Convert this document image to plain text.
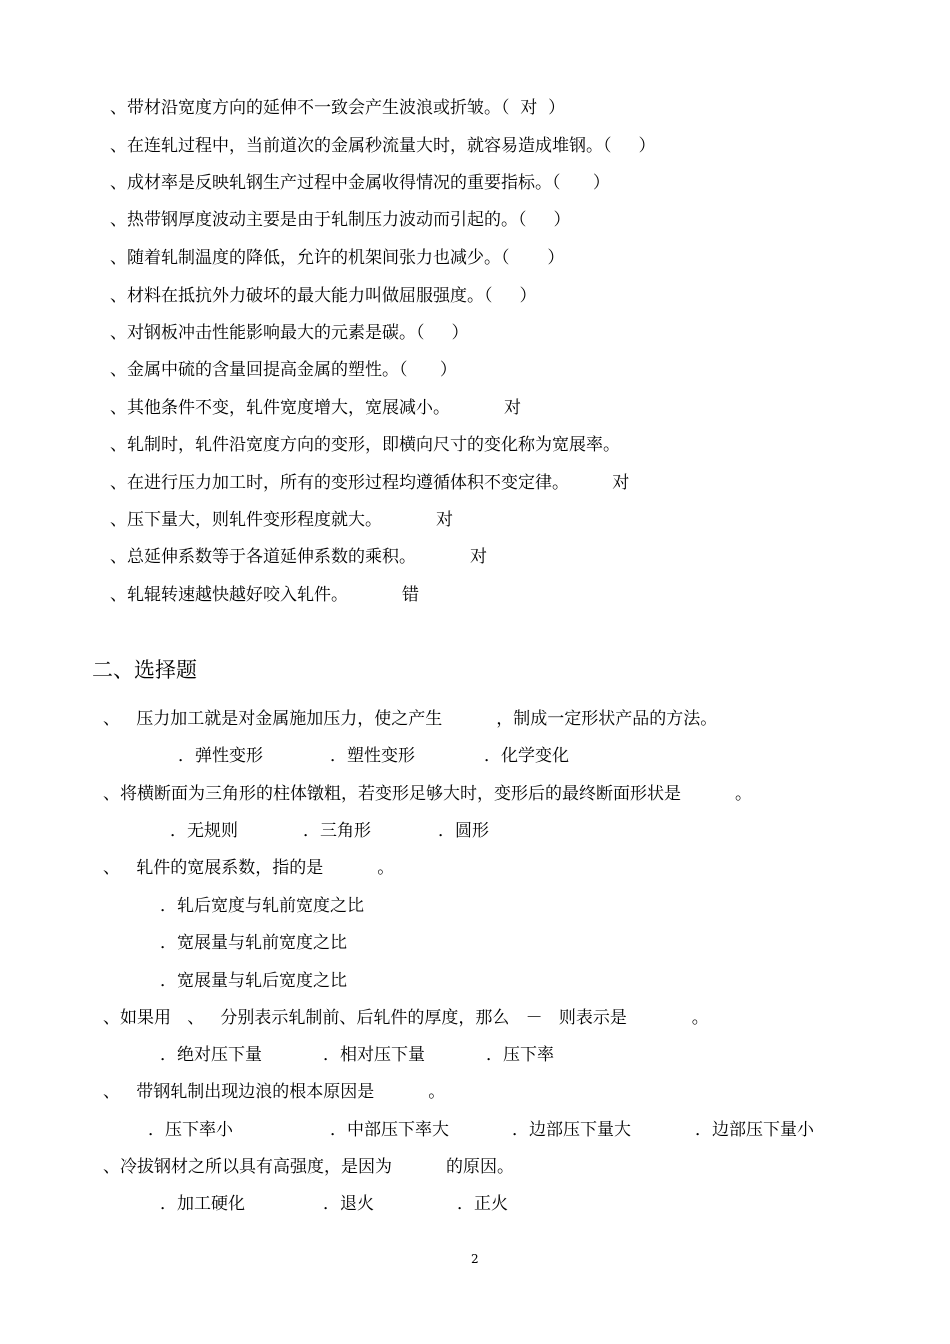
、带材沿宽度方向的延伸不一致会产生波浪或折皱。（  对  ）
、在连轧过程中，当前道次的金属秒流量大时，就容易造成堆钢。（     ）
、成材率是反映轧钢生产过程中金属收得情况的重要指标。（      ）
、热带钢厚度波动主要是由于轧制压力波动而引起的。（     ）
、随着轧制温度的降低，允许的机架间张力也减少。（       ）
、材料在抵抗外力破坏的最大能力叫做屈服强度。（     ）
、对钢板冲击性能影响最大的元素是碳。（     ）
、金属中硫的含量回提高金属的塑性。（      ）
、其他条件不变，轧件宽度增大，宽展减小。          对
、轧制时，轧件沿宽度方向的变形，即横向尺寸的变化称为宽展率。
、在进行压力加工时，所有的变形过程均遵循体积不变定律。        对
、压下量大，则轧件变形程度就大。          对
、总延伸系数等于各道延伸系数的乘积。          对
、轧辊转速越快越好咬入轧件。          错
二、选择题
、   压力加工就是对金属施加压力，使之产生          ，制成一定形状产品的方法。
．弹性变形	．塑性变形	．化学变化
、将横断面为三角形的柱体镦粗，若变形足够大时，变形后的最终断面形状是          。
．无规则	．三角形	．圆形
、   轧件的宽展系数，指的是          。
．轧后宽度与轧前宽度之比
．宽展量与轧前宽度之比
．宽展量与轧后宽度之比
、如果用   、   分别表示轧制前、后轧件的厚度，那么   －   则表示是            。
．绝对压下量	．相对压下量	．压下率
、   带钢轧制出现边浪的根本原因是          。
．压下率小	．中部压下率大	．边部压下量大	．边部压下量小
、冷拔钢材之所以具有高强度，是因为          的原因。
．加工硬化	．退火	．正火
2
